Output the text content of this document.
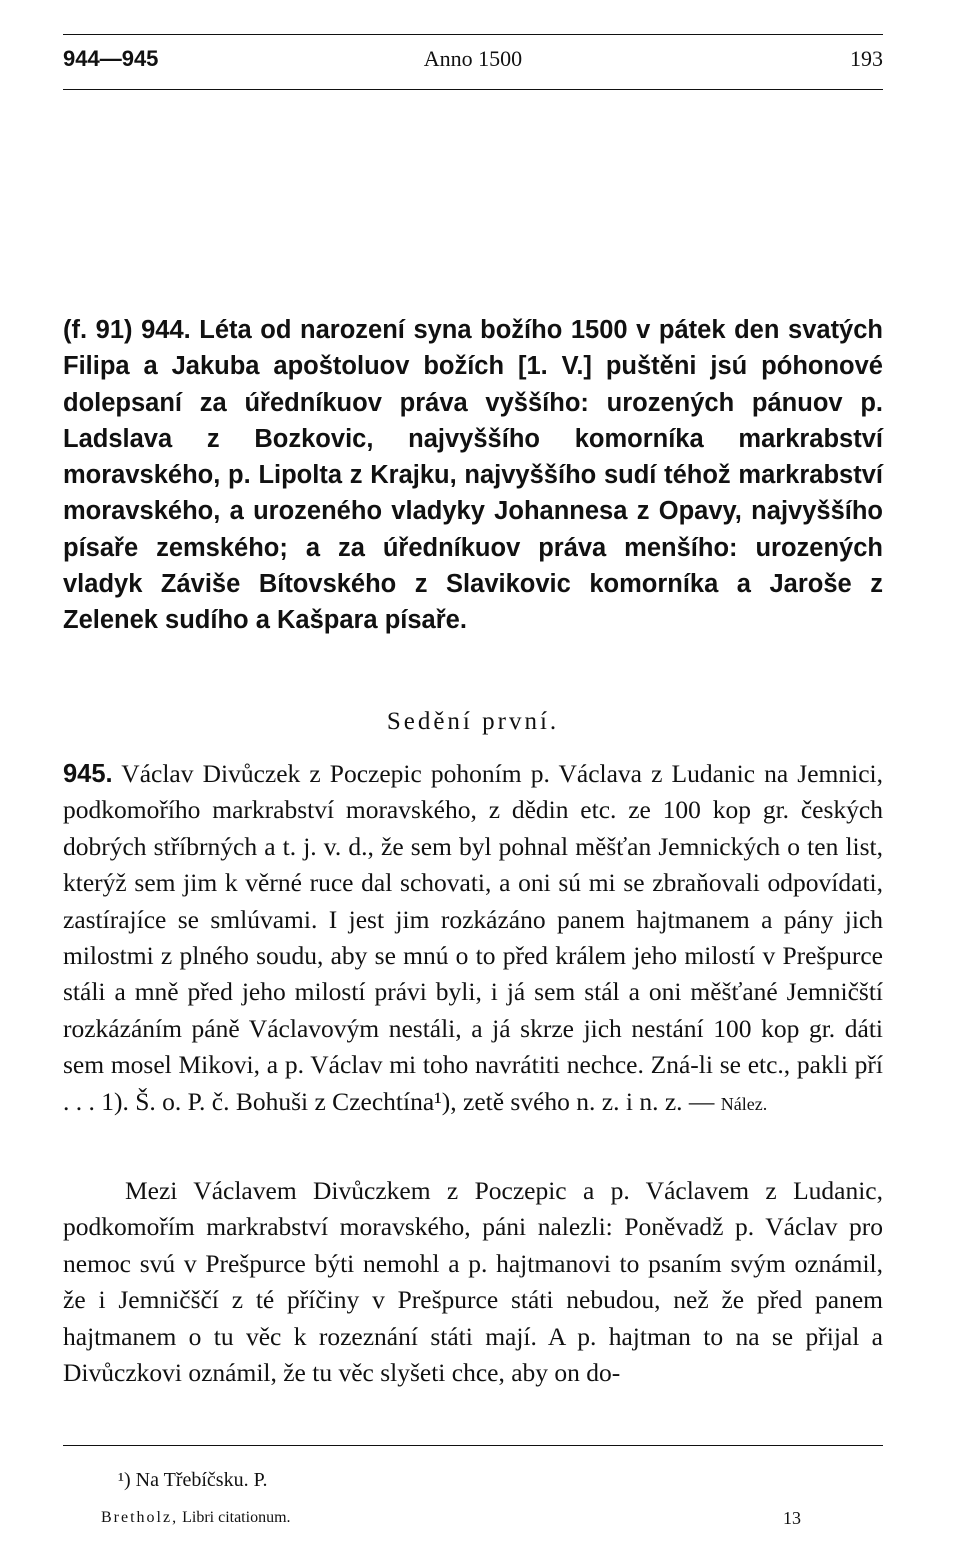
944—945	Anno 1500	193

(f. 91) 944. Léta od narození syna božího 1500 v pátek den svatých Filipa a Jakuba apoštoluov božích [1. V.] puštěni jsú póhonové dolepsaní za úředníkuov práva vyššího: urozených pánuov p. Ladslava z Bozkovic, najvyššího komorníka markrabství moravského, p. Lipolta z Krajku, najvyššího sudí téhož markrabství moravského, a urozeného vladyky Johannesa z Opavy, najvyššího písaře zemského; a za úředníkuov práva menšího: urozených vladyk Záviše Bítovského z Slavikovic komorníka a Jaroše z Zelenek sudího a Kašpara písaře.

Sedění první.

945. Václav Divůczek z Poczepic pohoním p. Václava z Ludanic na Jemnici, podkomořího markrabství moravského, z dědin etc. ze 100 kop gr. českých dobrých stříbrných a t. j. v. d., že sem byl pohnal měšťan Jemnických o ten list, kterýž sem jim k věrné ruce dal schovati, a oni sú mi se zbraňovali odpovídati, zastírajíce se smlúvami. I jest jim rozkázáno panem hajtmanem a pány jich milostmi z plného soudu, aby se mnú o to před králem jeho milostí v Prešpurce stáli a mně před jeho milostí právi byli, i já sem stál a oni měšťané Jemničští rozkázáním páně Václavovým nestáli, a já skrze jich nestání 100 kop gr. dáti sem mosel Mikovi, a p. Václav mi toho navrátiti nechce. Zná-li se etc., pakli pří . . . 1). Š. o. P. č. Bohuši z Czechtína¹), zetě svého n. z. i n. z. — Nález.

Mezi Václavem Divůczkem z Poczepic a p. Václavem z Ludanic, podkomořím markrabství moravského, páni nalezli: Poněvadž p. Václav pro nemoc svú v Prešpurce býti nemohl a p. hajtmanovi to psaním svým oznámil, že i Jemničščí z té příčiny v Prešpurce státi nebudou, než že před panem hajtmanem o tu věc k rozeznání státi mají. A p. hajtman to na se přijal a Divůczkovi oznámil, že tu věc slyšeti chce, aby on do-

¹) Na Třebíčsku. P.

Bretholz, Libri citationum.	13
